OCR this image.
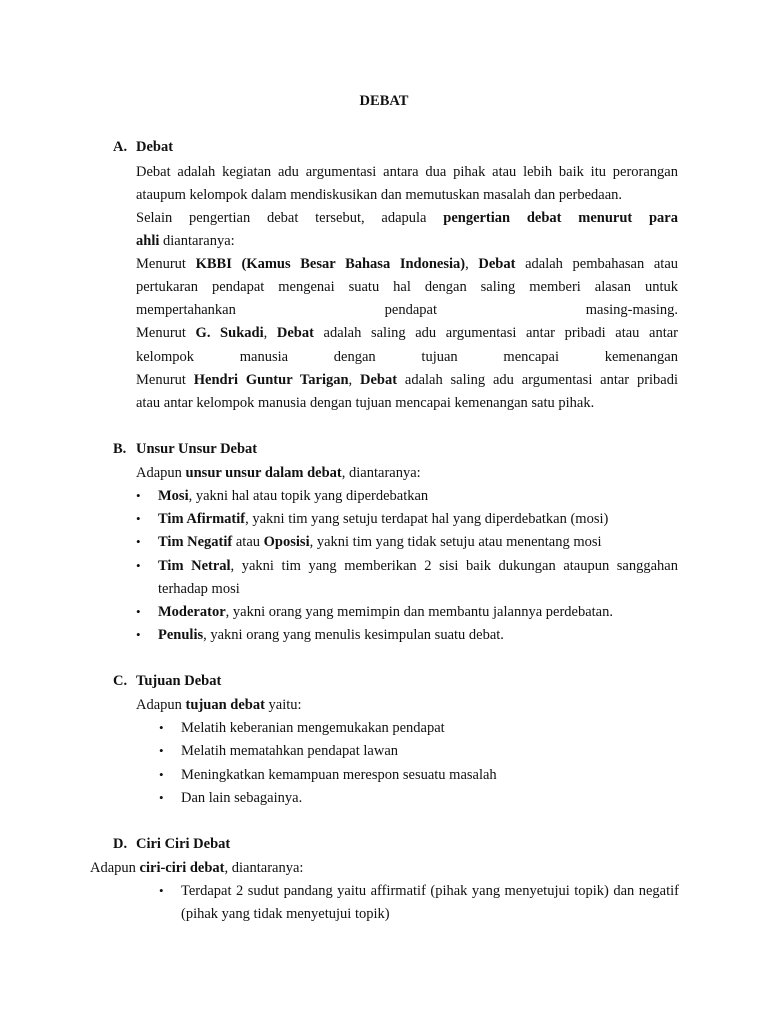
DEBAT
A. Debat
Debat adalah kegiatan adu argumentasi antara dua pihak atau lebih baik itu perorangan
ataupum kelompok dalam mendiskusikan dan memutuskan masalah dan perbedaan.
Selain pengertian debat tersebut, adapula pengertian debat menurut para
ahli diantaranya:
Menurut KBBI (Kamus Besar Bahasa Indonesia), Debat adalah pembahasan atau
pertukaran pendapat mengenai suatu hal dengan saling memberi alasan untuk
mempertahankan pendapat masing-masing.
Menurut G. Sukadi, Debat adalah saling adu argumentasi antar pribadi atau antar
kelompok manusia dengan tujuan mencapai kemenangan
Menurut Hendri Guntur Tarigan, Debat adalah saling adu argumentasi antar pribadi
atau antar kelompok manusia dengan tujuan mencapai kemenangan satu pihak.
B. Unsur Unsur Debat
Adapun unsur unsur dalam debat, diantaranya:
• Mosi, yakni hal atau topik yang diperdebatkan
• Tim Afirmatif, yakni tim yang setuju terdapat hal yang diperdebatkan (mosi)
• Tim Negatif atau Oposisi, yakni tim yang tidak setuju atau menentang mosi
• Tim Netral, yakni tim yang memberikan 2 sisi baik dukungan ataupun sanggahan
terhadap mosi
• Moderator, yakni orang yang memimpin dan membantu jalannya perdebatan.
• Penulis, yakni orang yang menulis kesimpulan suatu debat.
C. Tujuan Debat
Adapun tujuan debat yaitu:
• Melatih keberanian mengemukakan pendapat
• Melatih mematahkan pendapat lawan
• Meningkatkan kemampuan merespon sesuatu masalah
• Dan lain sebagainya.
D. Ciri Ciri Debat
Adapun ciri-ciri debat, diantaranya:
• Terdapat 2 sudut pandang yaitu affirmatif (pihak yang menyetujui topik) dan negatif
(pihak yang tidak menyetujui topik)
